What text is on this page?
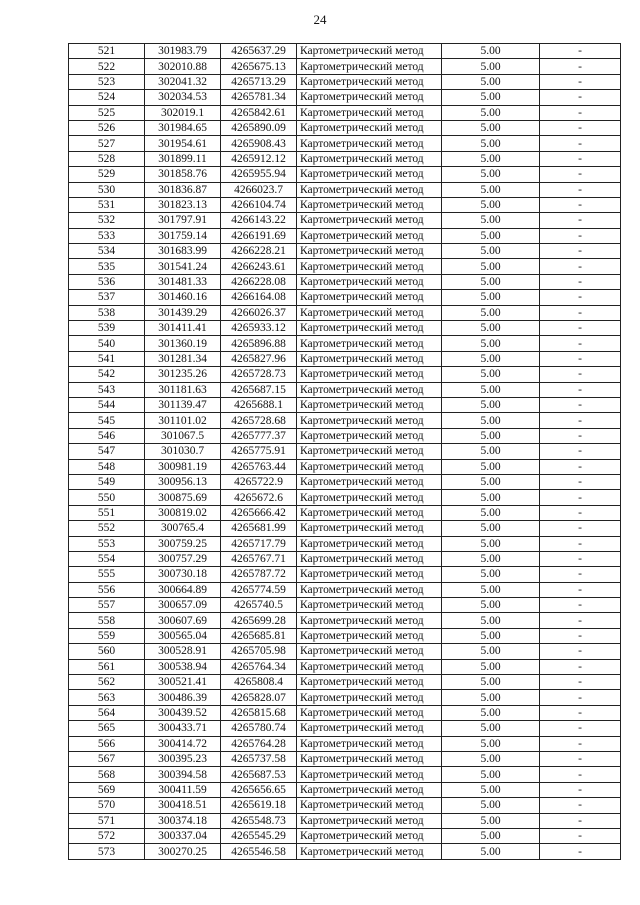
24
521	301983.79	4265637.29	Картометрический метод	5.00	-
522	302010.88	4265675.13	Картометрический метод	5.00	-
523	302041.32	4265713.29	Картометрический метод	5.00	-
524	302034.53	4265781.34	Картометрический метод	5.00	-
525	302019.1	4265842.61	Картометрический метод	5.00	-
526	301984.65	4265890.09	Картометрический метод	5.00	-
527	301954.61	4265908.43	Картометрический метод	5.00	-
528	301899.11	4265912.12	Картометрический метод	5.00	-
529	301858.76	4265955.94	Картометрический метод	5.00	-
530	301836.87	4266023.7	Картометрический метод	5.00	-
531	301823.13	4266104.74	Картометрический метод	5.00	-
532	301797.91	4266143.22	Картометрический метод	5.00	-
533	301759.14	4266191.69	Картометрический метод	5.00	-
534	301683.99	4266228.21	Картометрический метод	5.00	-
535	301541.24	4266243.61	Картометрический метод	5.00	-
536	301481.33	4266228.08	Картометрический метод	5.00	-
537	301460.16	4266164.08	Картометрический метод	5.00	-
538	301439.29	4266026.37	Картометрический метод	5.00	-
539	301411.41	4265933.12	Картометрический метод	5.00	-
540	301360.19	4265896.88	Картометрический метод	5.00	-
541	301281.34	4265827.96	Картометрический метод	5.00	-
542	301235.26	4265728.73	Картометрический метод	5.00	-
543	301181.63	4265687.15	Картометрический метод	5.00	-
544	301139.47	4265688.1	Картометрический метод	5.00	-
545	301101.02	4265728.68	Картометрический метод	5.00	-
546	301067.5	4265777.37	Картометрический метод	5.00	-
547	301030.7	4265775.91	Картометрический метод	5.00	-
548	300981.19	4265763.44	Картометрический метод	5.00	-
549	300956.13	4265722.9	Картометрический метод	5.00	-
550	300875.69	4265672.6	Картометрический метод	5.00	-
551	300819.02	4265666.42	Картометрический метод	5.00	-
552	300765.4	4265681.99	Картометрический метод	5.00	-
553	300759.25	4265717.79	Картометрический метод	5.00	-
554	300757.29	4265767.71	Картометрический метод	5.00	-
555	300730.18	4265787.72	Картометрический метод	5.00	-
556	300664.89	4265774.59	Картометрический метод	5.00	-
557	300657.09	4265740.5	Картометрический метод	5.00	-
558	300607.69	4265699.28	Картометрический метод	5.00	-
559	300565.04	4265685.81	Картометрический метод	5.00	-
560	300528.91	4265705.98	Картометрический метод	5.00	-
561	300538.94	4265764.34	Картометрический метод	5.00	-
562	300521.41	4265808.4	Картометрический метод	5.00	-
563	300486.39	4265828.07	Картометрический метод	5.00	-
564	300439.52	4265815.68	Картометрический метод	5.00	-
565	300433.71	4265780.74	Картометрический метод	5.00	-
566	300414.72	4265764.28	Картометрический метод	5.00	-
567	300395.23	4265737.58	Картометрический метод	5.00	-
568	300394.58	4265687.53	Картометрический метод	5.00	-
569	300411.59	4265656.65	Картометрический метод	5.00	-
570	300418.51	4265619.18	Картометрический метод	5.00	-
571	300374.18	4265548.73	Картометрический метод	5.00	-
572	300337.04	4265545.29	Картометрический метод	5.00	-
573	300270.25	4265546.58	Картометрический метод	5.00	-
